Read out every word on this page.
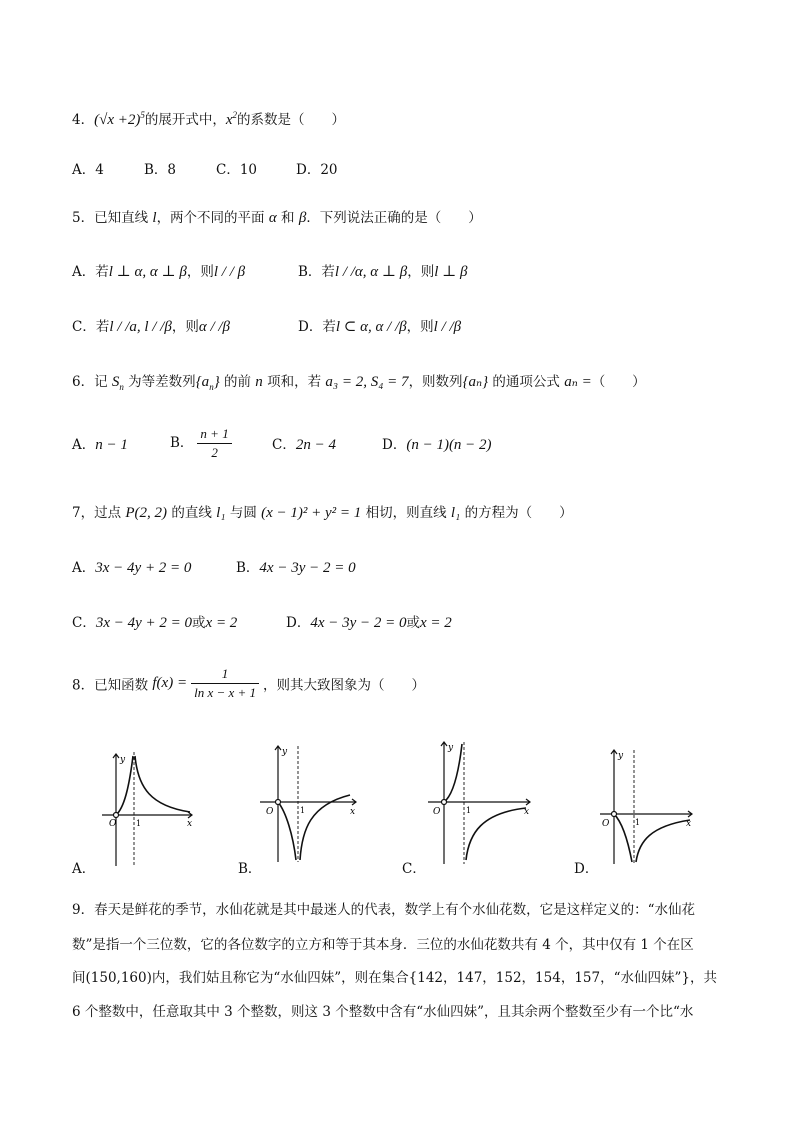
4．$(√x +2)^5$的展开式中，$x^2$的系数是（　　）
A．4	B．8	C．10	D．20
5．已知直线 l，两个不同的平面 α 和 β．下列说法正确的是（　　）
A．若l ⊥ α, α ⊥ β，则l / / β	B．若l / /α, α ⊥ β，则l ⊥ β
C．若l / /a, l / /β，则α / /β	D．若l ⊂ α, α / /β，则l / /β
6．记 $S_n$ 为等差数列$\{a_n\}$ 的前 n 项和，若 a₃ = 2, S₄ = 7，则数列{aₙ} 的通项公式 aₙ =（　　）
A．n − 1	B． $\frac{n + 1}{2}$	C．2n − 4	D．(n − 1)(n − 2)
7，过点 P(2, 2) 的直线 l₁ 与圆 (x − 1)² + y² = 1 相切，则直线 l₁ 的方程为（　　）
A．3x − 4y + 2 = 0	B．4x − 3y − 2 = 0
C．3x − 4y + 2 = 0或x = 2	D．4x − 3y − 2 = 0或x = 2
8．已知函数 $f(x) = \frac{1}{\text{ln x − x + 1}}$ ，则其大致图象为（　　）
O
y
x
1
A．
O
y
x
1
B．
O
y
x
1
C．
O
y
x
1
D．
9．春天是鲜花的季节，水仙花就是其中最迷人的代表，数学上有个水仙花数，它是这样定义的：“水仙花
数”是指一个三位数，它的各位数字的立方和等于其本身．三位的水仙花数共有 4 个，其中仅有 1 个在区
间(150,160)内，我们姑且称它为“水仙四妹”，则在集合{142，147，152，154，157，“水仙四妹”}，共
6 个整数中，任意取其中 3 个整数，则这 3 个整数中含有“水仙四妹”，且其余两个整数至少有一个比“水
